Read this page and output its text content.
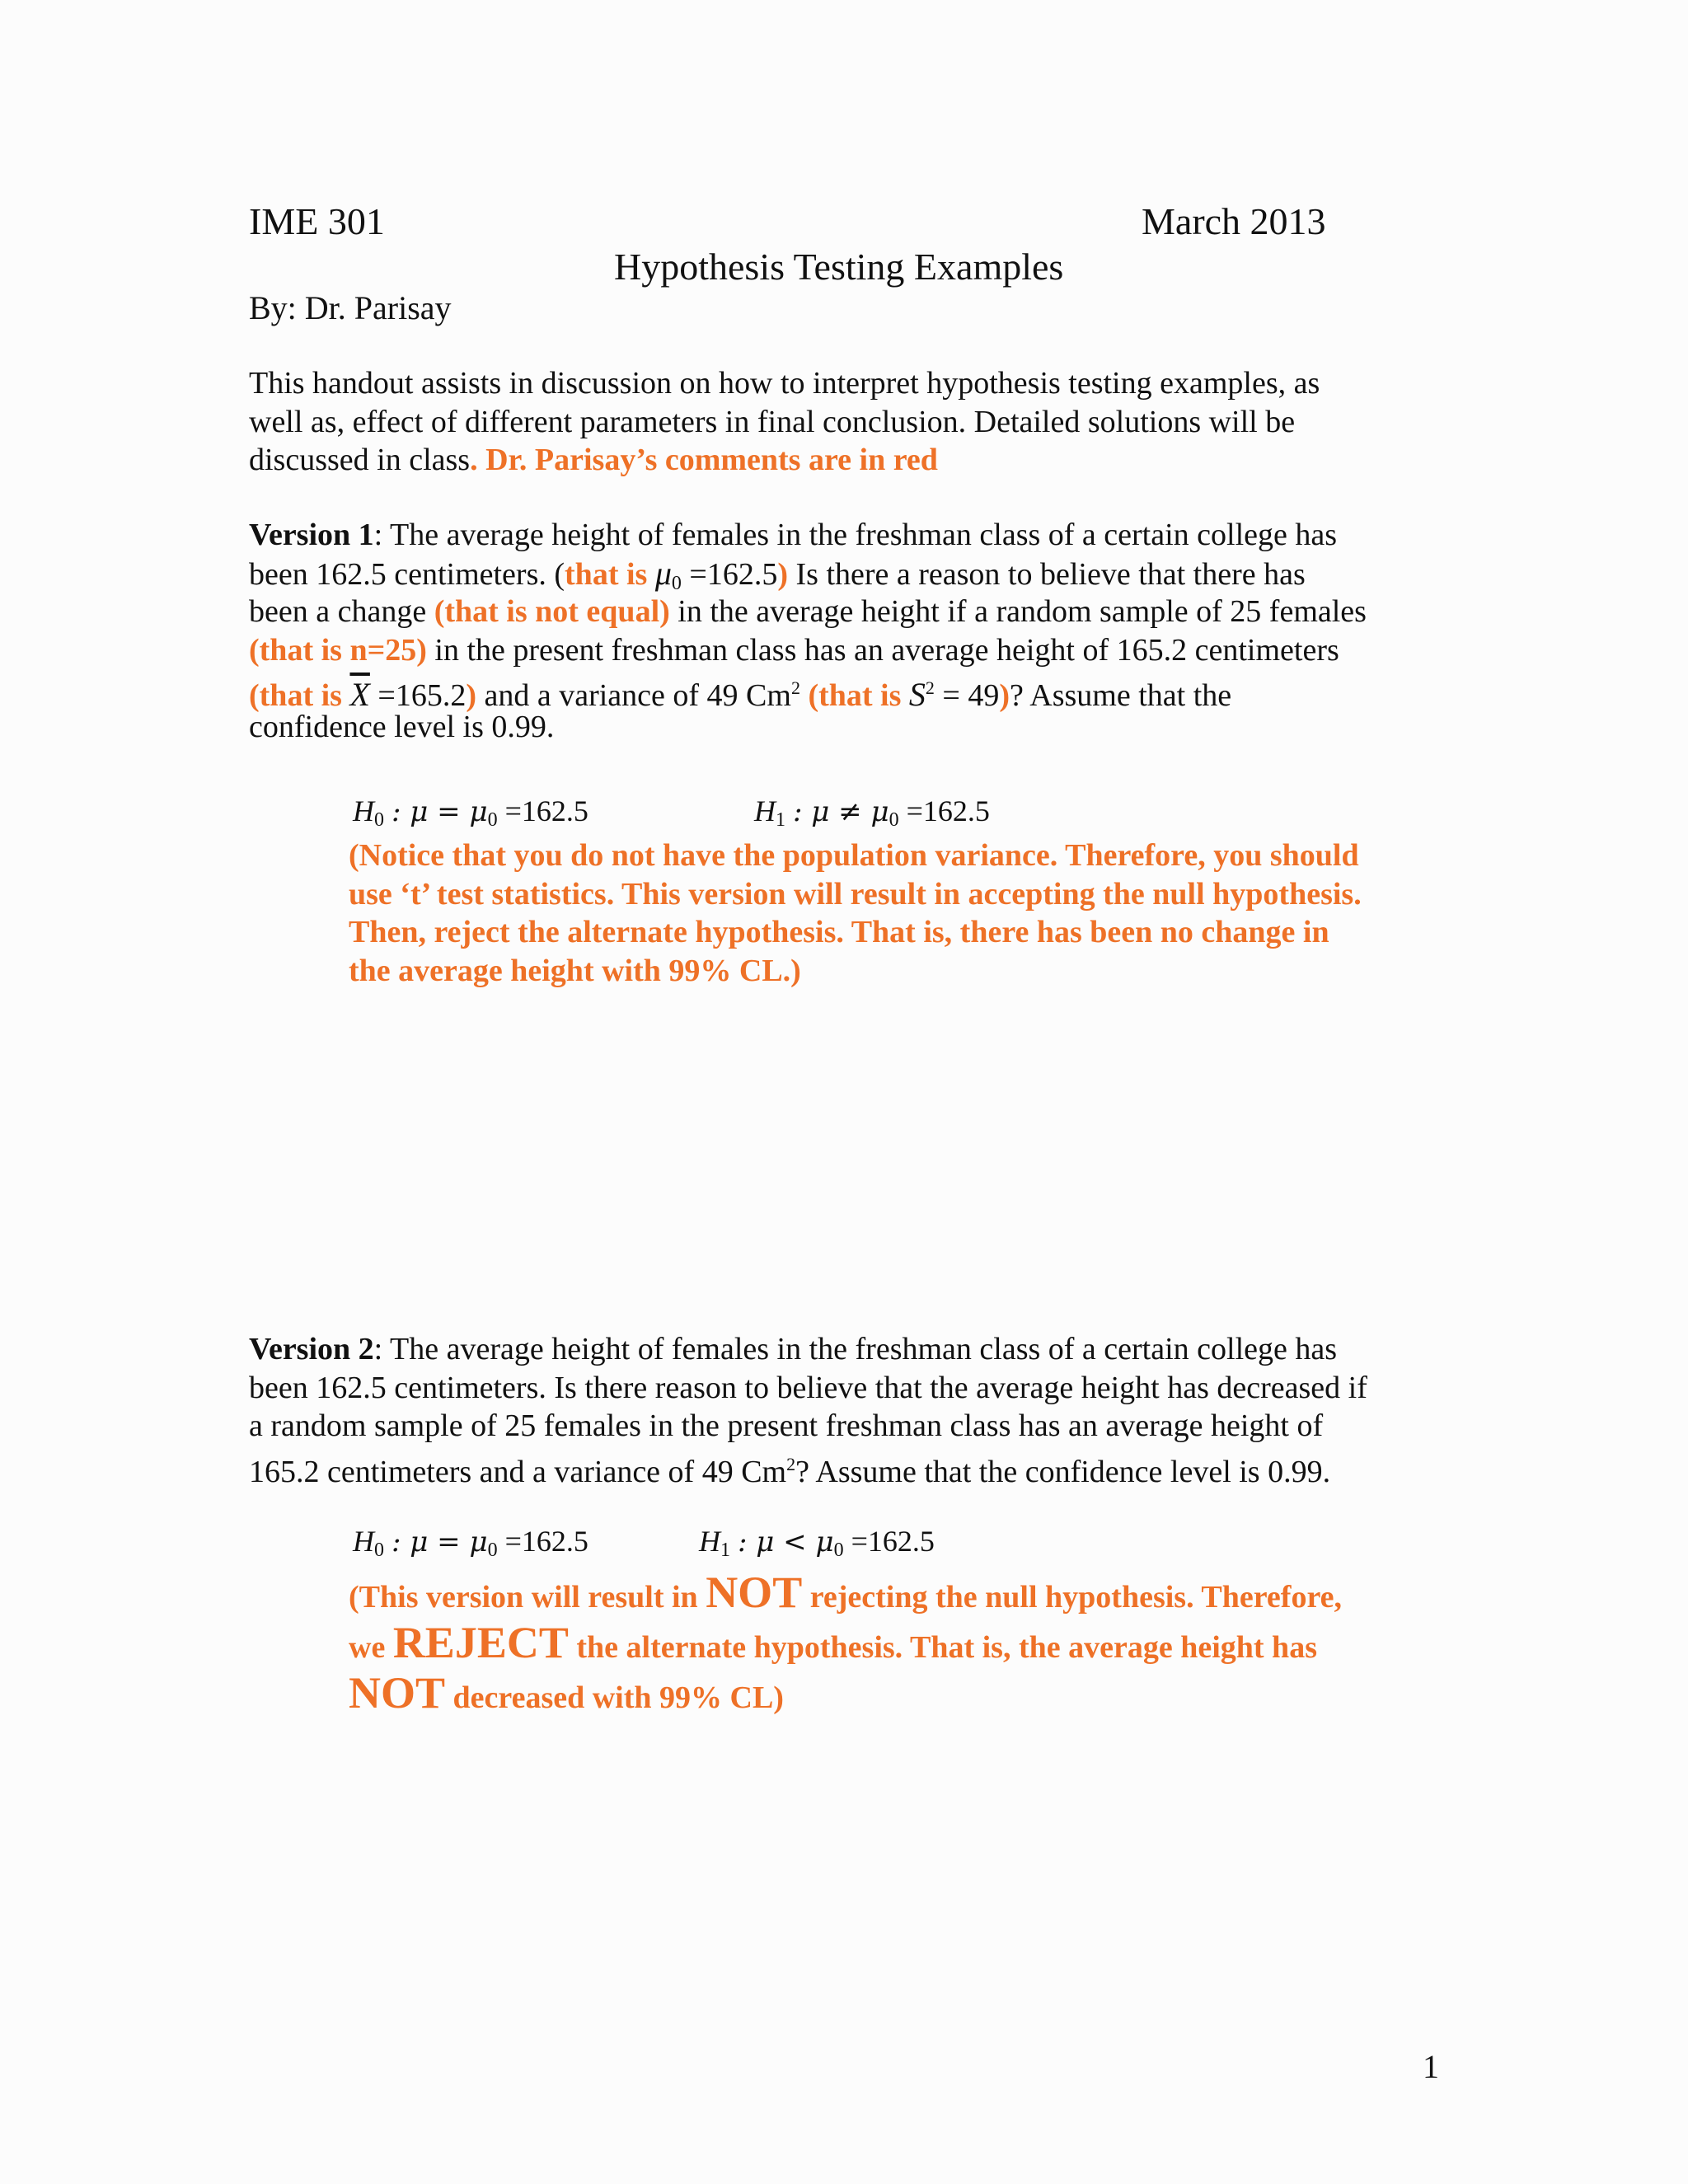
IME 301	March 2013
Hypothesis Testing Examples
By: Dr. Parisay
This handout assists in discussion on how to interpret hypothesis testing examples, as
well as, effect of different parameters in final conclusion. Detailed solutions will be
discussed in class. Dr. Parisay’s comments are in red
Version 1: The average height of females in the freshman class of a certain college has
been 162.5 centimeters. (that is $\mu_0 =162.5$) Is there a reason to believe that there has
been a change (that is not equal) in the average height if a random sample of 25 females
(that is n=25) in the present freshman class has an average height of 165.2 centimeters
(that is $\overline{X} =165.2$) and a variance of 49 Cm$^2$ (that is $S^2 = 49$)? Assume that the
confidence level is 0.99.
$H_0$ : $\mu = \mu_0 =162.5$	$H_1$ : $\mu \ne \mu_0 =162.5$
(Notice that you do not have the population variance. Therefore, you should
use ‘t’ test statistics. This version will result in accepting the null hypothesis.
Then, reject the alternate hypothesis. That is, there has been no change in
the average height with 99% CL.)
Version 2: The average height of females in the freshman class of a certain college has
been 162.5 centimeters. Is there reason to believe that the average height has decreased if
a random sample of 25 females in the present freshman class has an average height of
165.2 centimeters and a variance of 49 Cm$^2$? Assume that the confidence level is 0.99.
$H_0$ : $\mu = \mu_0 =162.5$	$H_1$ : $\mu < \mu_0 =162.5$
(This version will result in NOT rejecting the null hypothesis. Therefore,
we REJECT the alternate hypothesis. That is, the average height has
NOT decreased with 99% CL)
1
